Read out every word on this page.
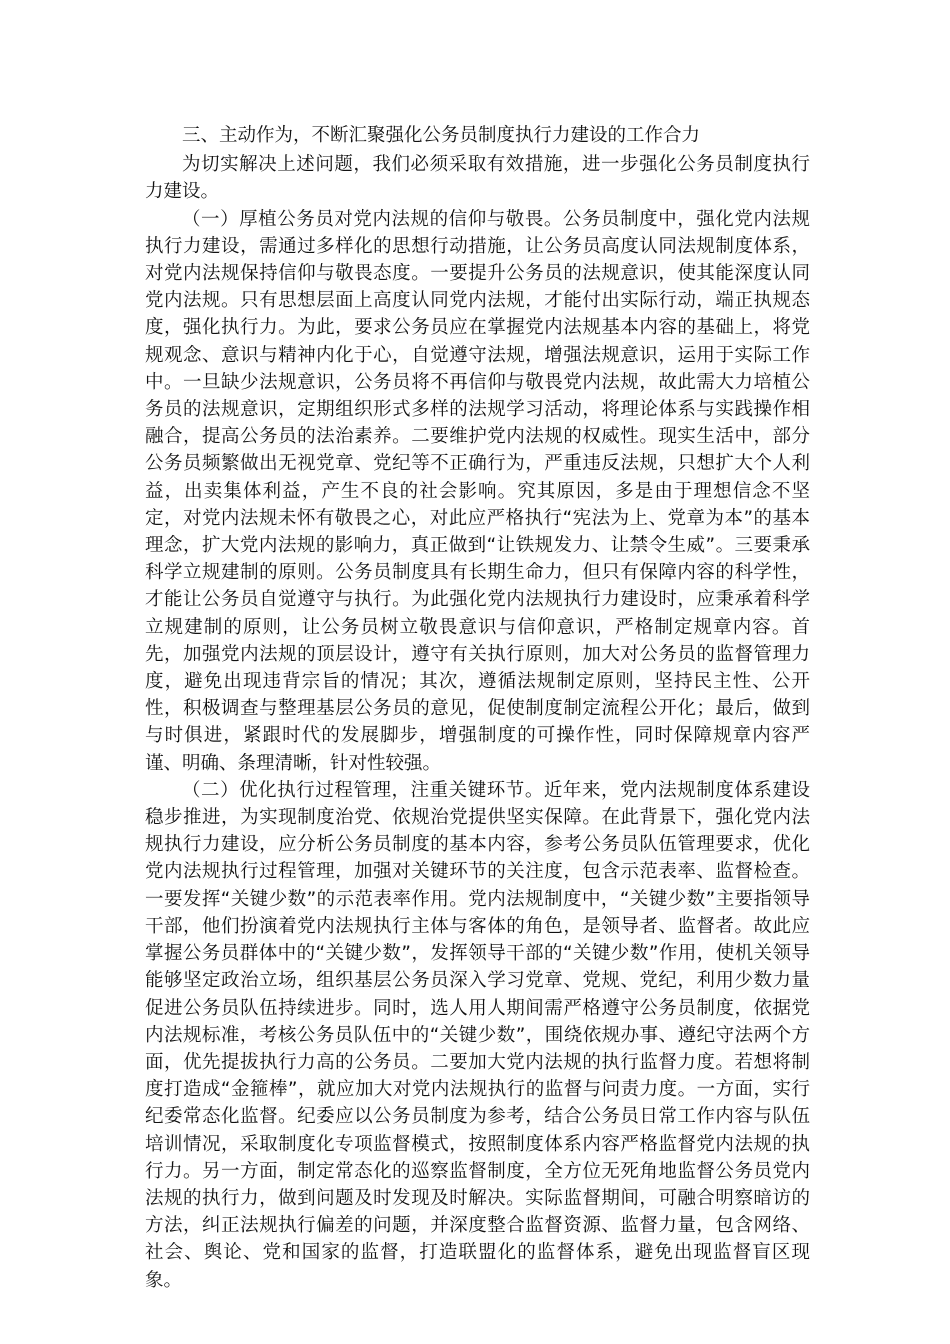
三、主动作为，不断汇聚强化公务员制度执行力建设的工作合力

为切实解决上述问题，我们必须采取有效措施，进一步强化公务员制度执行力建设。

（一）厚植公务员对党内法规的信仰与敬畏。公务员制度中，强化党内法规执行力建设，需通过多样化的思想行动措施，让公务员高度认同法规制度体系，对党内法规保持信仰与敬畏态度。一要提升公务员的法规意识，使其能深度认同党内法规。只有思想层面上高度认同党内法规，才能付出实际行动，端正执规态度，强化执行力。为此，要求公务员应在掌握党内法规基本内容的基础上，将党规观念、意识与精神内化于心，自觉遵守法规，增强法规意识，运用于实际工作中。一旦缺少法规意识，公务员将不再信仰与敬畏党内法规，故此需大力培植公务员的法规意识，定期组织形式多样的法规学习活动，将理论体系与实践操作相融合，提高公务员的法治素养。二要维护党内法规的权威性。现实生活中，部分公务员频繁做出无视党章、党纪等不正确行为，严重违反法规，只想扩大个人利益，出卖集体利益，产生不良的社会影响。究其原因，多是由于理想信念不坚定，对党内法规未怀有敬畏之心，对此应严格执行“宪法为上、党章为本”的基本理念，扩大党内法规的影响力，真正做到“让铁规发力、让禁令生威”。三要秉承科学立规建制的原则。公务员制度具有长期生命力，但只有保障内容的科学性，才能让公务员自觉遵守与执行。为此强化党内法规执行力建设时，应秉承着科学立规建制的原则，让公务员树立敬畏意识与信仰意识，严格制定规章内容。首先，加强党内法规的顶层设计，遵守有关执行原则，加大对公务员的监督管理力度，避免出现违背宗旨的情况；其次，遵循法规制定原则，坚持民主性、公开性，积极调查与整理基层公务员的意见，促使制度制定流程公开化；最后，做到与时俱进，紧跟时代的发展脚步，增强制度的可操作性，同时保障规章内容严谨、明确、条理清晰，针对性较强。

（二）优化执行过程管理，注重关键环节。近年来，党内法规制度体系建设稳步推进，为实现制度治党、依规治党提供坚实保障。在此背景下，强化党内法规执行力建设，应分析公务员制度的基本内容，参考公务员队伍管理要求，优化党内法规执行过程管理，加强对关键环节的关注度，包含示范表率、监督检查。一要发挥“关键少数”的示范表率作用。党内法规制度中，“关键少数”主要指领导干部，他们扮演着党内法规执行主体与客体的角色，是领导者、监督者。故此应掌握公务员群体中的“关键少数”，发挥领导干部的“关键少数”作用，使机关领导能够坚定政治立场，组织基层公务员深入学习党章、党规、党纪，利用少数力量促进公务员队伍持续进步。同时，选人用人期间需严格遵守公务员制度，依据党内法规标准，考核公务员队伍中的“关键少数”，围绕依规办事、遵纪守法两个方面，优先提拔执行力高的公务员。二要加大党内法规的执行监督力度。若想将制度打造成“金箍棒”，就应加大对党内法规执行的监督与问责力度。一方面，实行纪委常态化监督。纪委应以公务员制度为参考，结合公务员日常工作内容与队伍培训情况，采取制度化专项监督模式，按照制度体系内容严格监督党内法规的执行力。另一方面，制定常态化的巡察监督制度，全方位无死角地监督公务员党内法规的执行力，做到问题及时发现及时解决。实际监督期间，可融合明察暗访的方法，纠正法规执行偏差的问题，并深度整合监督资源、监督力量，包含网络、社会、舆论、党和国家的监督，打造联盟化的监督体系，避免出现监督盲区现象。
